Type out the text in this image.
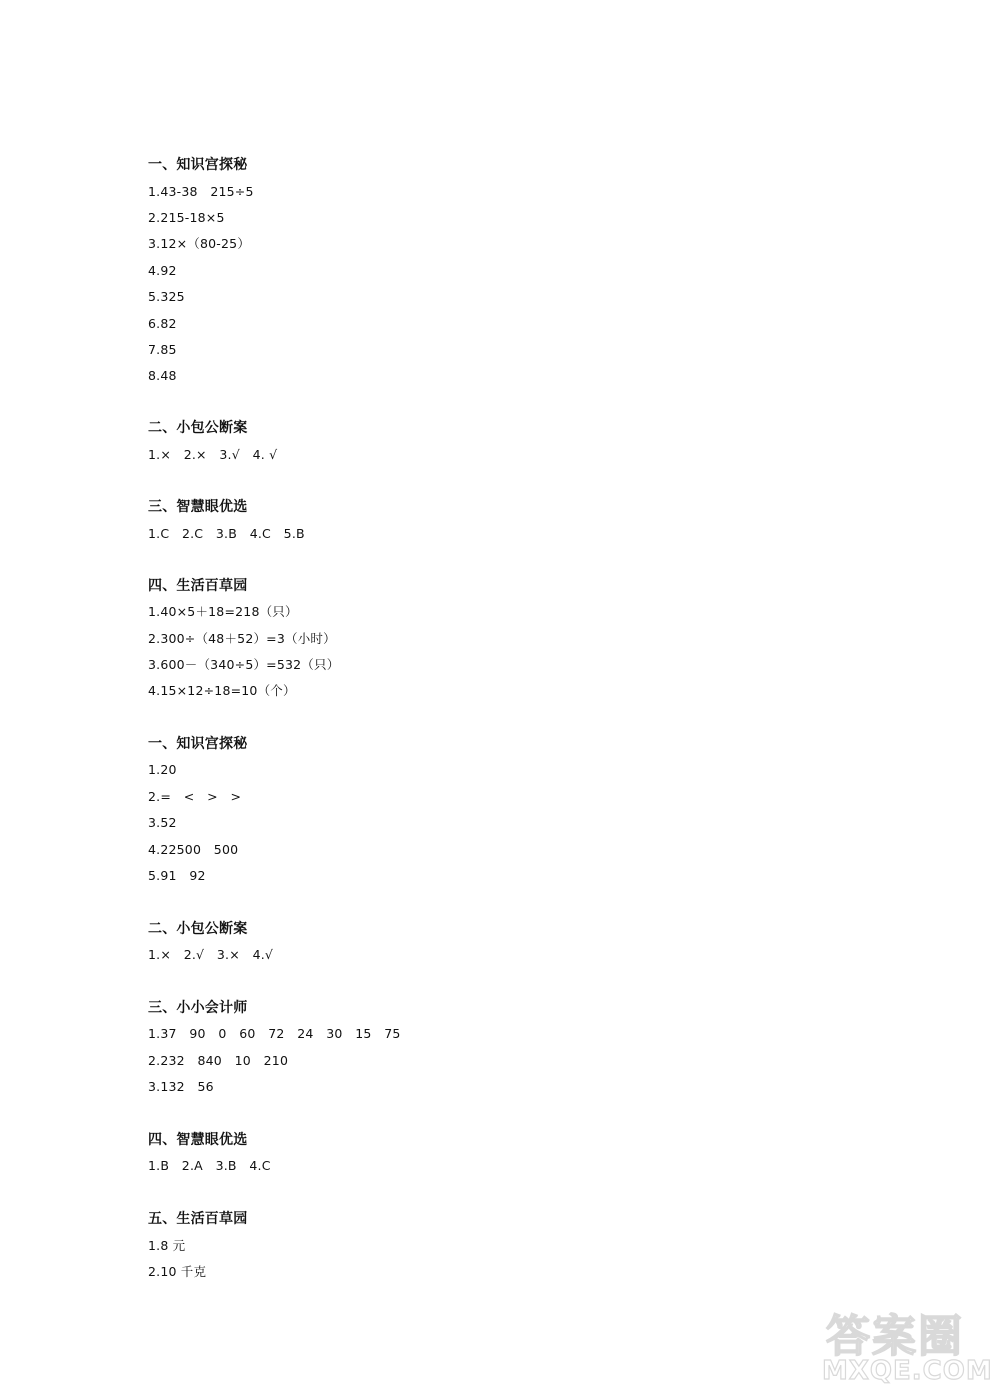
一、知识宫探秘
1.43-38　215÷5
2.215-18×5
3.12×（80-25）
4.92
5.325
6.82
7.85
8.48
二、小包公断案
1.×　2.×　3.√　4. √
三、智慧眼优选
1.C　2.C　3.B　4.C　5.B
四、生活百草园
1.40×5＋18=218（只）
2.300÷（48＋52）=3（小时）
3.600－（340÷5）=532（只）
4.15×12÷18=10（个）
一、知识宫探秘
1.20
2.=　<　>　>
3.52
4.22500　500
5.91　92
二、小包公断案
1.×　2.√　3.×　4.√
三、小小会计师
1.37　90　0　60　72　24　30　15　75
2.232　840　10　210
3.132　56
四、智慧眼优选
1.B　2.A　3.B　4.C
五、生活百草园
1.8 元
2.10 千克
答案圈
MXQE.COM
